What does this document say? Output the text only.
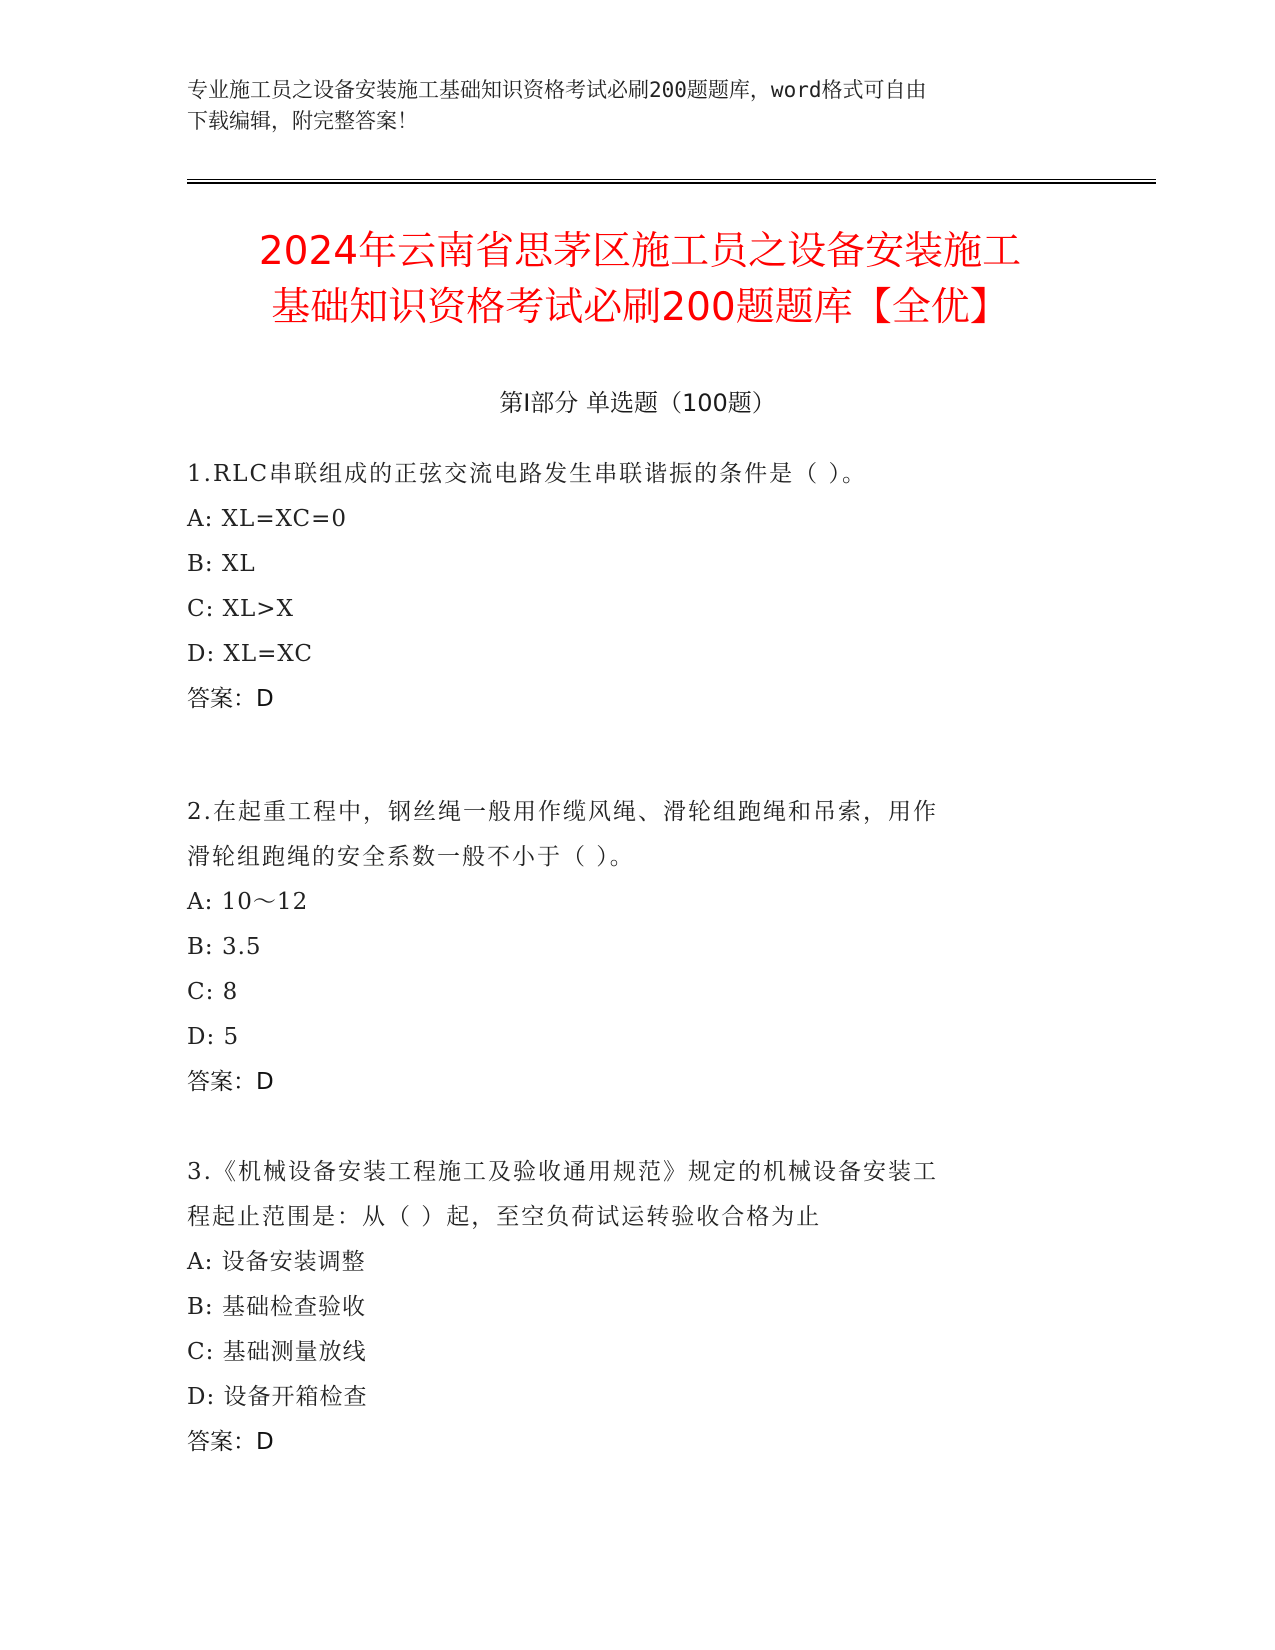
专业施工员之设备安装施工基础知识资格考试必刷200题题库，word格式可自由
下载编辑，附完整答案！
2024年云南省思茅区施工员之设备安装施工
基础知识资格考试必刷200题题库【全优】
第Ⅰ部分 单选题（100题）
1.RLC串联组成的正弦交流电路发生串联谐振的条件是（ ）。
A: XL=XC=0
B: XL
C: XL>X
D: XL=XC
答案：D
2.在起重工程中，钢丝绳一般用作缆风绳、滑轮组跑绳和吊索，用作
滑轮组跑绳的安全系数一般不小于（ ）。
A: 10～12
B: 3.5
C: 8
D: 5
答案：D
3.《机械设备安装工程施工及验收通用规范》规定的机械设备安装工
程起止范围是：从（ ）起，至空负荷试运转验收合格为止
A: 设备安装调整
B: 基础检查验收
C: 基础测量放线
D: 设备开箱检查
答案：D
